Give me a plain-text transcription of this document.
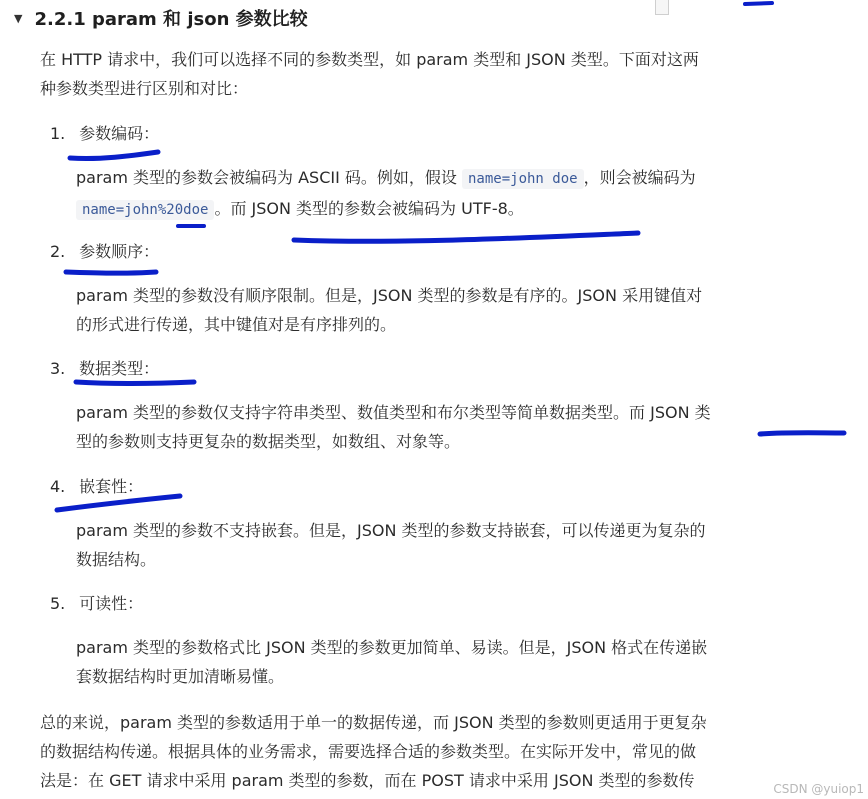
▼ 2.2.1 param 和 json 参数比较
在 HTTP 请求中，我们可以选择不同的参数类型，如 param 类型和 JSON 类型。下面对这两
种参数类型进行区别和对比：
1. 参数编码：
param 类型的参数会被编码为 ASCII 码。例如，假设 name=john doe ，则会被编码为
name=john%20doe 。而 JSON 类型的参数会被编码为 UTF-8。
2. 参数顺序：
param 类型的参数没有顺序限制。但是，JSON 类型的参数是有序的。JSON 采用键值对
的形式进行传递，其中键值对是有序排列的。
3. 数据类型：
param 类型的参数仅支持字符串类型、数值类型和布尔类型等简单数据类型。而 JSON 类
型的参数则支持更复杂的数据类型，如数组、对象等。
4. 嵌套性：
param 类型的参数不支持嵌套。但是，JSON 类型的参数支持嵌套，可以传递更为复杂的
数据结构。
5. 可读性：
param 类型的参数格式比 JSON 类型的参数更加简单、易读。但是，JSON 格式在传递嵌
套数据结构时更加清晰易懂。
总的来说，param 类型的参数适用于单一的数据传递，而 JSON 类型的参数则更适用于更复杂
的数据结构传递。根据具体的业务需求，需要选择合适的参数类型。在实际开发中，常见的做
法是：在 GET 请求中采用 param 类型的参数，而在 POST 请求中采用 JSON 类型的参数传	CSDN @yuiop1
